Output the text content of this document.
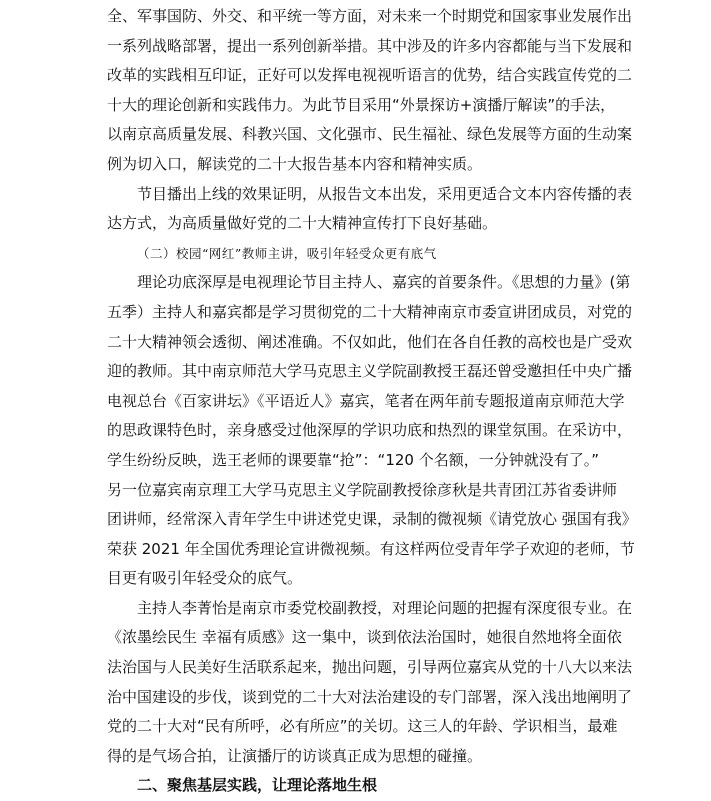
全、军事国防、外交、和平统一等方面，对未来一个时期党和国家事业发展作出
一系列战略部署，提出一系列创新举措。其中涉及的许多内容都能与当下发展和
改革的实践相互印证，正好可以发挥电视视听语言的优势，结合实践宣传党的二
十大的理论创新和实践伟力。为此节目采用“外景探访+演播厅解读”的手法，
以南京高质量发展、科教兴国、文化强市、民生福祉、绿色发展等方面的生动案
例为切入口，解读党的二十大报告基本内容和精神实质。
节目播出上线的效果证明，从报告文本出发，采用更适合文本内容传播的表
达方式，为高质量做好党的二十大精神宣传打下良好基础。
（二）校园“网红”教师主讲，吸引年轻受众更有底气
理论功底深厚是电视理论节目主持人、嘉宾的首要条件。《思想的力量》(第
五季）主持人和嘉宾都是学习贯彻党的二十大精神南京市委宣讲团成员，对党的
二十大精神领会透彻、阐述准确。不仅如此，他们在各自任教的高校也是广受欢
迎的教师。其中南京师范大学马克思主义学院副教授王磊还曾受邀担任中央广播
电视总台《百家讲坛》《平语近人》嘉宾，笔者在两年前专题报道南京师范大学
的思政课特色时，亲身感受过他深厚的学识功底和热烈的课堂氛围。在采访中，
学生纷纷反映，选王老师的课要靠“抢”：“120 个名额，一分钟就没有了。”
另一位嘉宾南京理工大学马克思主义学院副教授徐彦秋是共青团江苏省委讲师
团讲师，经常深入青年学生中讲述党史课，录制的微视频《请党放心 强国有我》
荣获 2021 年全国优秀理论宣讲微视频。有这样两位受青年学子欢迎的老师，节
目更有吸引年轻受众的底气。
主持人李菁怡是南京市委党校副教授，对理论问题的把握有深度很专业。在
《浓墨绘民生 幸福有质感》这一集中，谈到依法治国时，她很自然地将全面依
法治国与人民美好生活联系起来，抛出问题，引导两位嘉宾从党的十八大以来法
治中国建设的步伐，谈到党的二十大对法治建设的专门部署，深入浅出地阐明了
党的二十大对“民有所呼，必有所应”的关切。这三人的年龄、学识相当，最难
得的是气场合拍，让演播厅的访谈真正成为思想的碰撞。
二、聚焦基层实践，让理论落地生根
